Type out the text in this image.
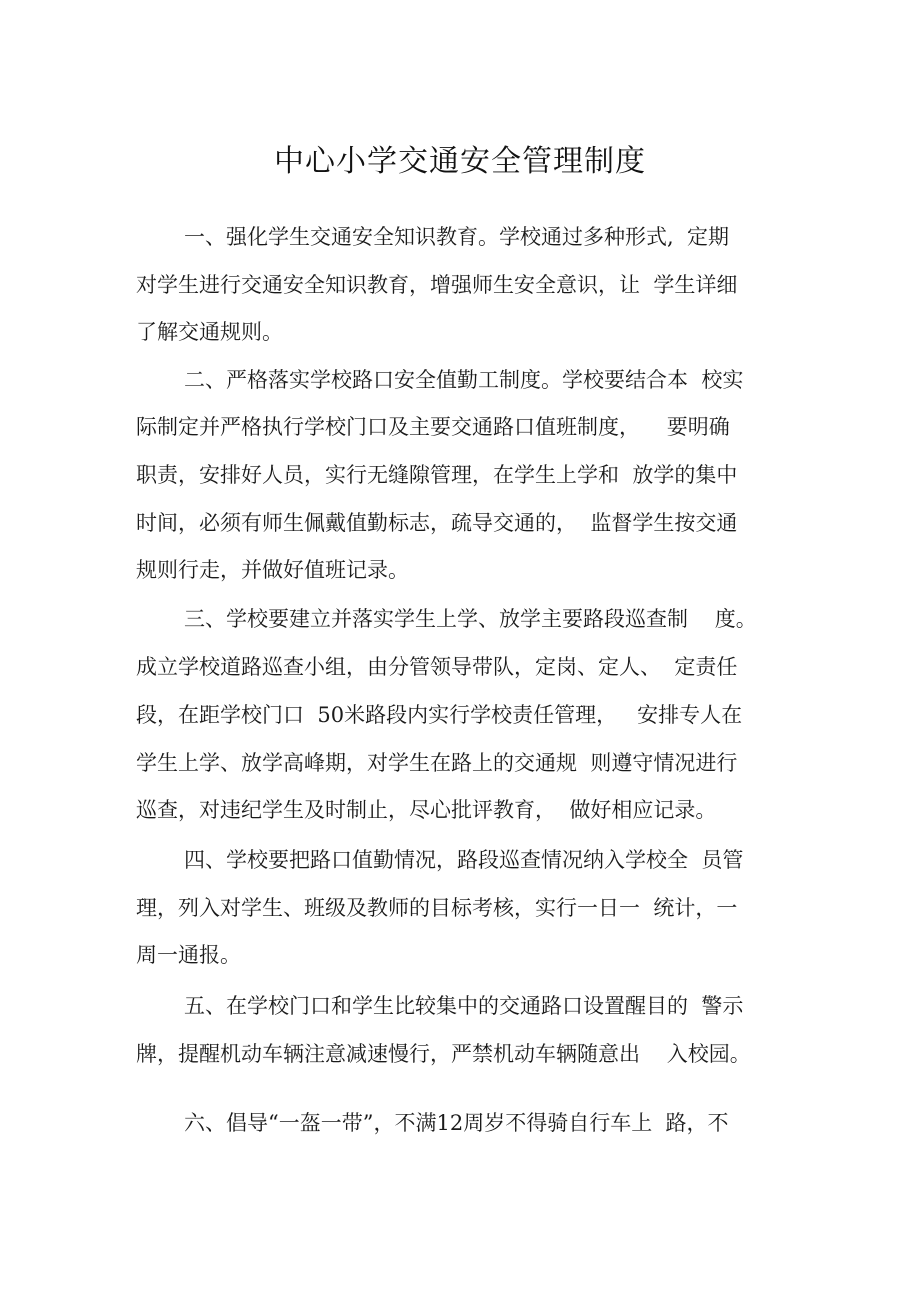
中心小学交通安全管理制度

一、强化学生交通安全知识教育。学校通过多种形式,  定期

对学生进行交通安全知识教育，增强师生安全意识，让  学生详细

了解交通规则。

二、严格落实学校路口安全值勤工制度。学校要结合本  校实

际制定并严格执行学校门口及主要交通路口值班制度，    要明确

职责，安排好人员，实行无缝隙管理，在学生上学和  放学的集中

时间，必须有师生佩戴值勤标志，疏导交通的，  监督学生按交通

规则行走，并做好值班记录。

三、学校要建立并落实学生上学、放学主要路段巡查制    度。

成立学校道路巡查小组，由分管领导带队，定岗、定人、  定责任

段，在距学校门口  50米路段内实行学校责任管理，   安排专人在

学生上学、放学高峰期，对学生在路上的交通规  则遵守情况进行

巡查，对违纪学生及时制止，尽心批评教育，  做好相应记录。

四、学校要把路口值勤情况，路段巡查情况纳入学校全  员管

理，列入对学生、班级及教师的目标考核，实行一日一  统计，一

周一通报。

五、在学校门口和学生比较集中的交通路口设置醒目的  警示

牌，提醒机动车辆注意减速慢行，严禁机动车辆随意出    入校园。

六、倡导“一盔一带”，不满12周岁不得骑自行车上  路，不
